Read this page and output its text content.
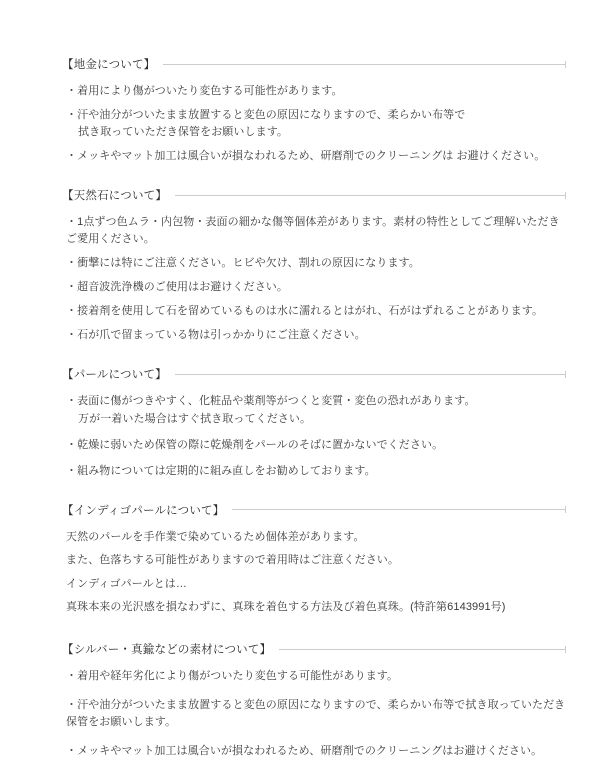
【地金について】
・着用により傷がついたり変色する可能性があります。
・汗や油分がついたまま放置すると変色の原因になりますので、柔らかい布等で
拭き取っていただき保管をお願いします。
・メッキやマット加工は風合いが損なわれるため、研磨剤でのクリーニングは お避けください。
【天然石について】
・1点ずつ色ムラ・内包物・表面の細かな傷等個体差があります。素材の特性としてご理解いただきご愛用ください。
・衝撃には特にご注意ください。ヒビや欠け、割れの原因になります。
・超音波洗浄機のご使用はお避けください。
・接着剤を使用して石を留めているものは水に濡れるとはがれ、石がはずれることがあります。
・石が爪で留まっている物は引っかかりにご注意ください。
【パールについて】
・表面に傷がつきやすく、化粧品や薬剤等がつくと変質・変色の恐れがあります。
万が一着いた場合はすぐ拭き取ってください。
・乾燥に弱いため保管の際に乾燥剤をパールのそばに置かないでください。
・組み物については定期的に組み直しをお勧めしております。
【インディゴパールについて】

天然のパールを手作業で染めているため個体差があります。

また、色落ちする可能性がありますので着用時はご注意ください。

インディゴパールとは…

真珠本来の光沢感を損なわずに、真珠を着色する方法及び着色真珠。(特許第6143991号)

【シルバー・真鍮などの素材について】
・着用や経年劣化により傷がついたり変色する可能性があります。
・汗や油分がついたまま放置すると変色の原因になりますので、柔らかい布等で拭き取っていただき保管をお願いします。
・メッキやマット加工は風合いが損なわれるため、研磨剤でのクリーニングはお避けください。
